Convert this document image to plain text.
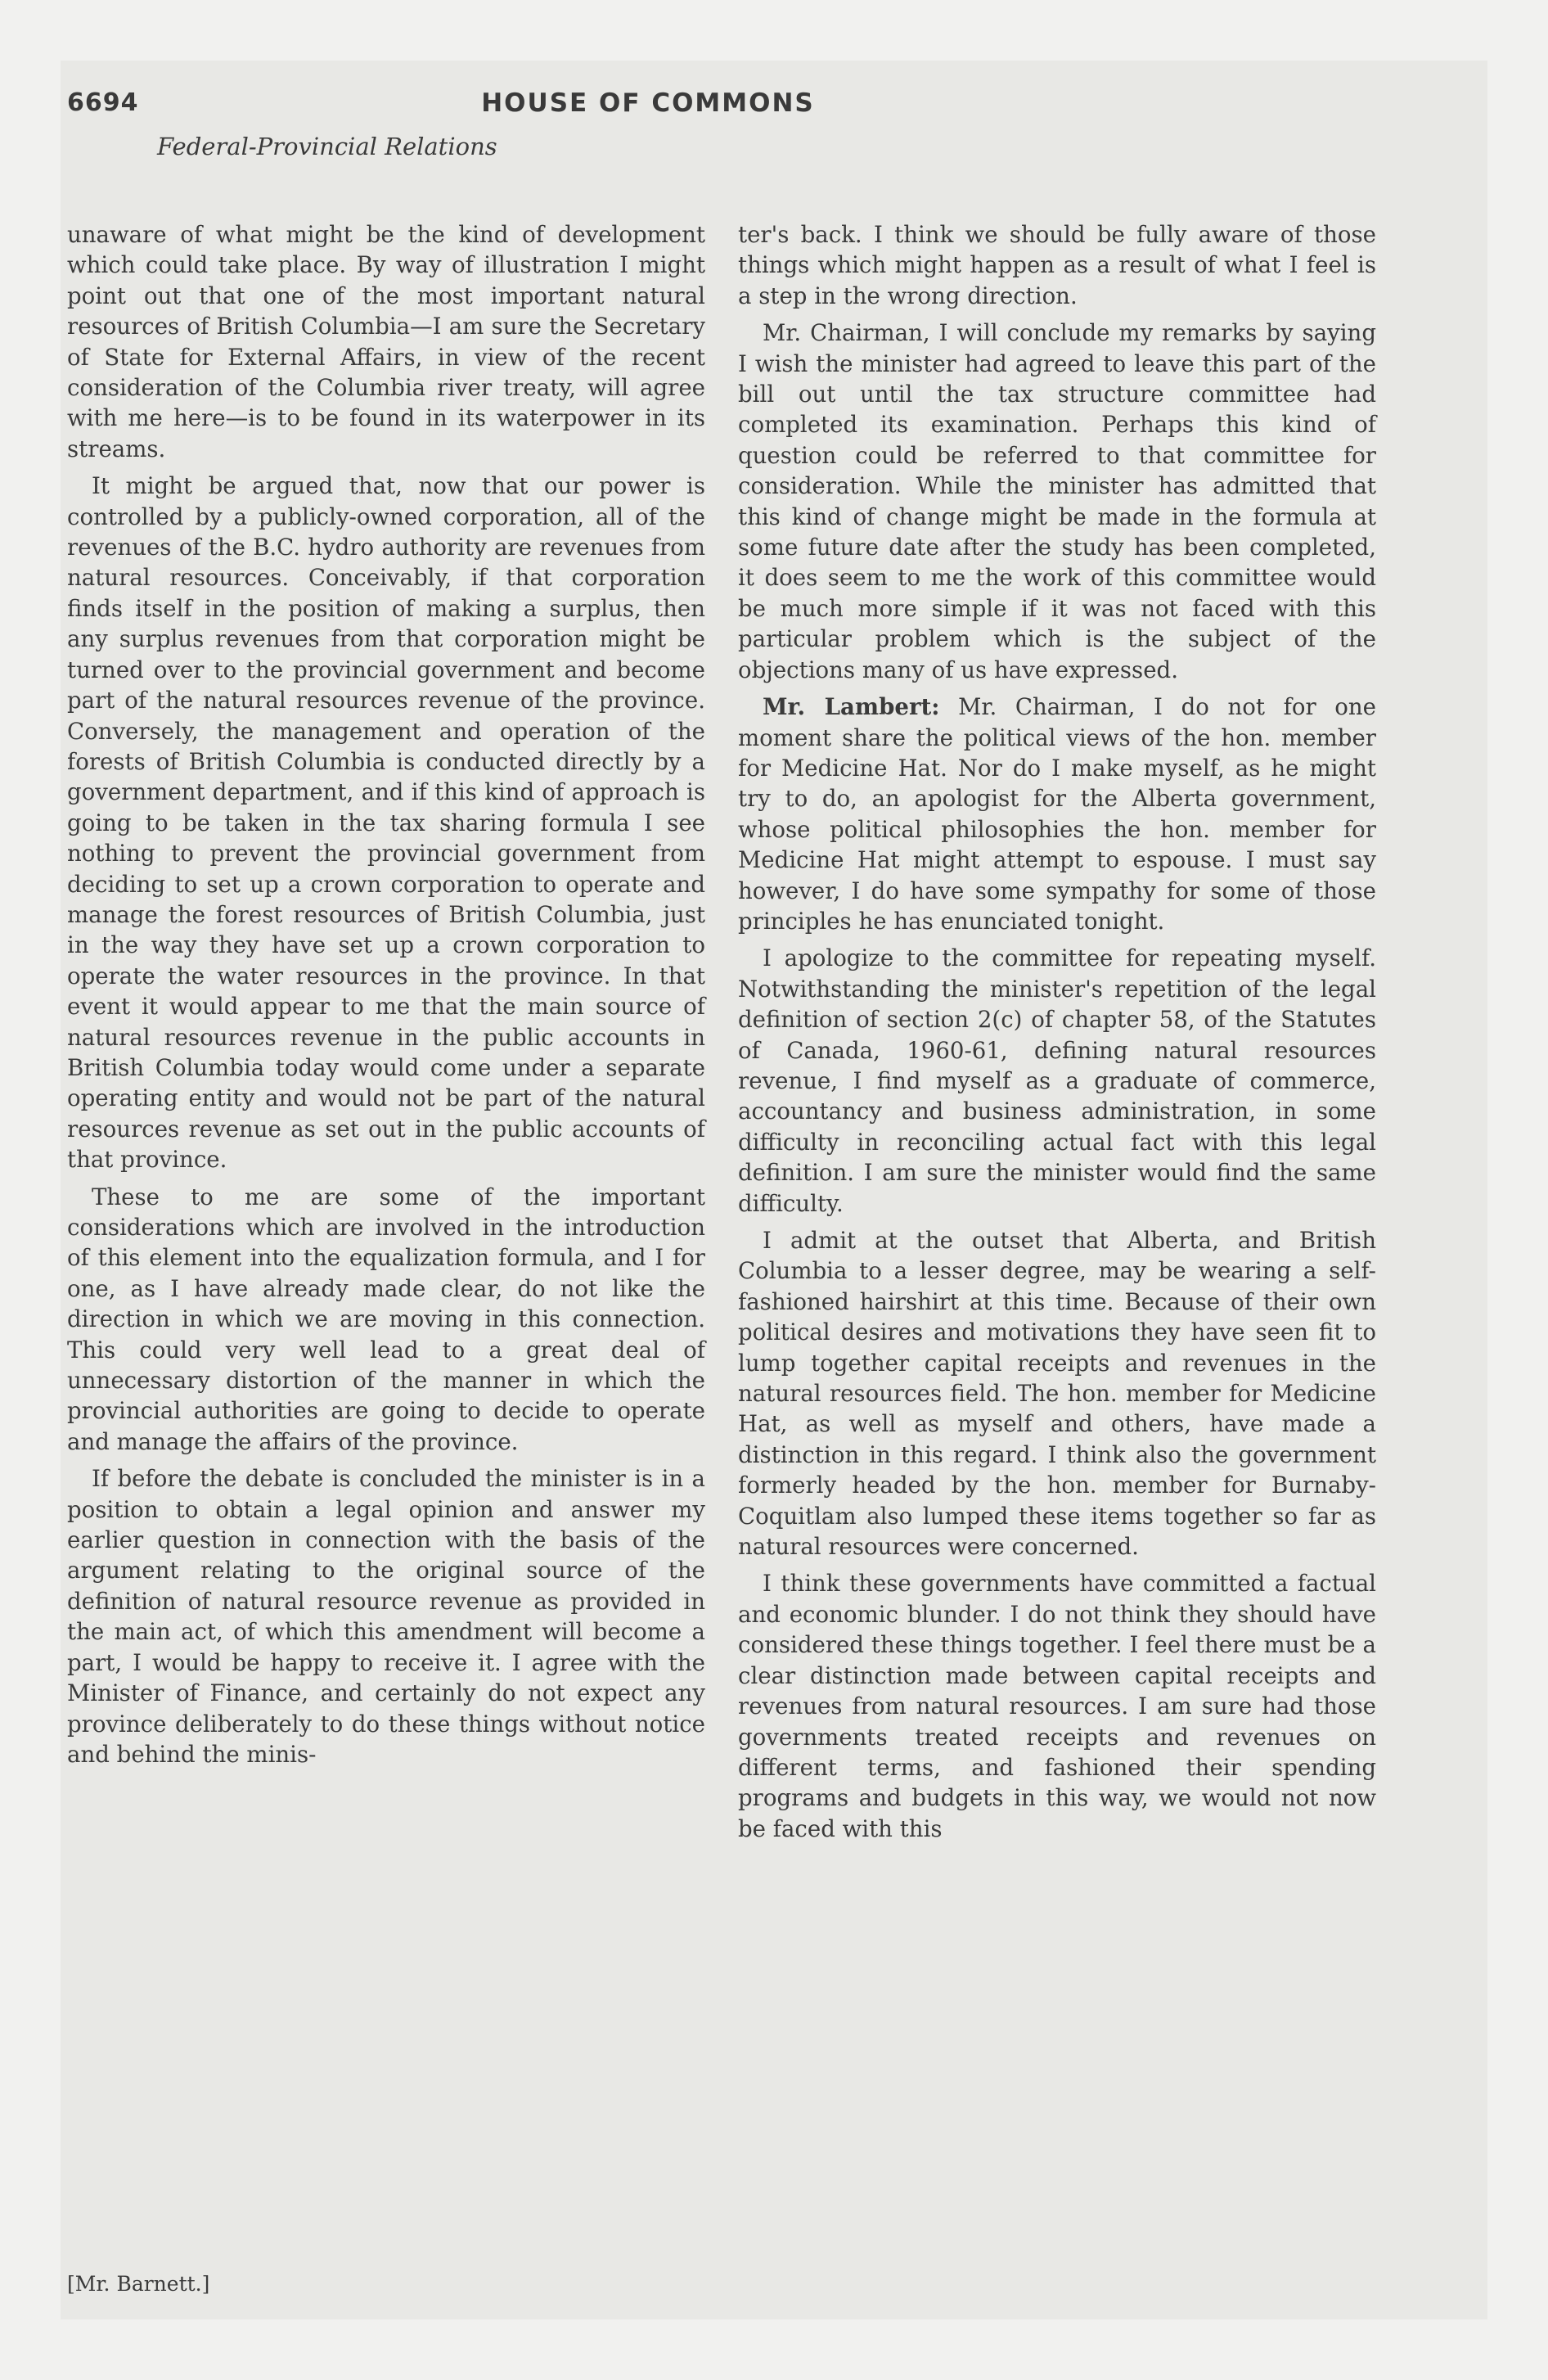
6694	HOUSE OF COMMONS
Federal-Provincial Relations

unaware of what might be the kind of development which could take place. By way of illustration I might point out that one of the most important natural resources of British Columbia—I am sure the Secretary of State for External Affairs, in view of the recent consideration of the Columbia river treaty, will agree with me here—is to be found in its waterpower in its streams.

It might be argued that, now that our power is controlled by a publicly-owned corporation, all of the revenues of the B.C. hydro authority are revenues from natural resources. Conceivably, if that corporation finds itself in the position of making a surplus, then any surplus revenues from that corporation might be turned over to the provincial government and become part of the natural resources revenue of the province. Conversely, the management and operation of the forests of British Columbia is conducted directly by a government department, and if this kind of approach is going to be taken in the tax sharing formula I see nothing to prevent the provincial government from deciding to set up a crown corporation to operate and manage the forest resources of British Columbia, just in the way they have set up a crown corporation to operate the water resources in the province. In that event it would appear to me that the main source of natural resources revenue in the public accounts in British Columbia today would come under a separate operating entity and would not be part of the natural resources revenue as set out in the public accounts of that province.

These to me are some of the important considerations which are involved in the introduction of this element into the equalization formula, and I for one, as I have already made clear, do not like the direction in which we are moving in this connection. This could very well lead to a great deal of unnecessary distortion of the manner in which the provincial authorities are going to decide to operate and manage the affairs of the province.

If before the debate is concluded the minister is in a position to obtain a legal opinion and answer my earlier question in connection with the basis of the argument relating to the original source of the definition of natural resource revenue as provided in the main act, of which this amendment will become a part, I would be happy to receive it. I agree with the Minister of Finance, and certainly do not expect any province deliberately to do these things without notice and behind the minis-

ter's back. I think we should be fully aware of those things which might happen as a result of what I feel is a step in the wrong direction.

Mr. Chairman, I will conclude my remarks by saying I wish the minister had agreed to leave this part of the bill out until the tax structure committee had completed its examination. Perhaps this kind of question could be referred to that committee for consideration. While the minister has admitted that this kind of change might be made in the formula at some future date after the study has been completed, it does seem to me the work of this committee would be much more simple if it was not faced with this particular problem which is the subject of the objections many of us have expressed.

Mr. Lambert: Mr. Chairman, I do not for one moment share the political views of the hon. member for Medicine Hat. Nor do I make myself, as he might try to do, an apologist for the Alberta government, whose political philosophies the hon. member for Medicine Hat might attempt to espouse. I must say however, I do have some sympathy for some of those principles he has enunciated tonight.

I apologize to the committee for repeating myself. Notwithstanding the minister's repetition of the legal definition of section 2(c) of chapter 58, of the Statutes of Canada, 1960-61, defining natural resources revenue, I find myself as a graduate of commerce, accountancy and business administration, in some difficulty in reconciling actual fact with this legal definition. I am sure the minister would find the same difficulty.

I admit at the outset that Alberta, and British Columbia to a lesser degree, may be wearing a self-fashioned hairshirt at this time. Because of their own political desires and motivations they have seen fit to lump together capital receipts and revenues in the natural resources field. The hon. member for Medicine Hat, as well as myself and others, have made a distinction in this regard. I think also the government formerly headed by the hon. member for Burnaby-Coquitlam also lumped these items together so far as natural resources were concerned.

I think these governments have committed a factual and economic blunder. I do not think they should have considered these things together. I feel there must be a clear distinction made between capital receipts and revenues from natural resources. I am sure had those governments treated receipts and revenues on different terms, and fashioned their spending programs and budgets in this way, we would not now be faced with this

[Mr. Barnett.]
